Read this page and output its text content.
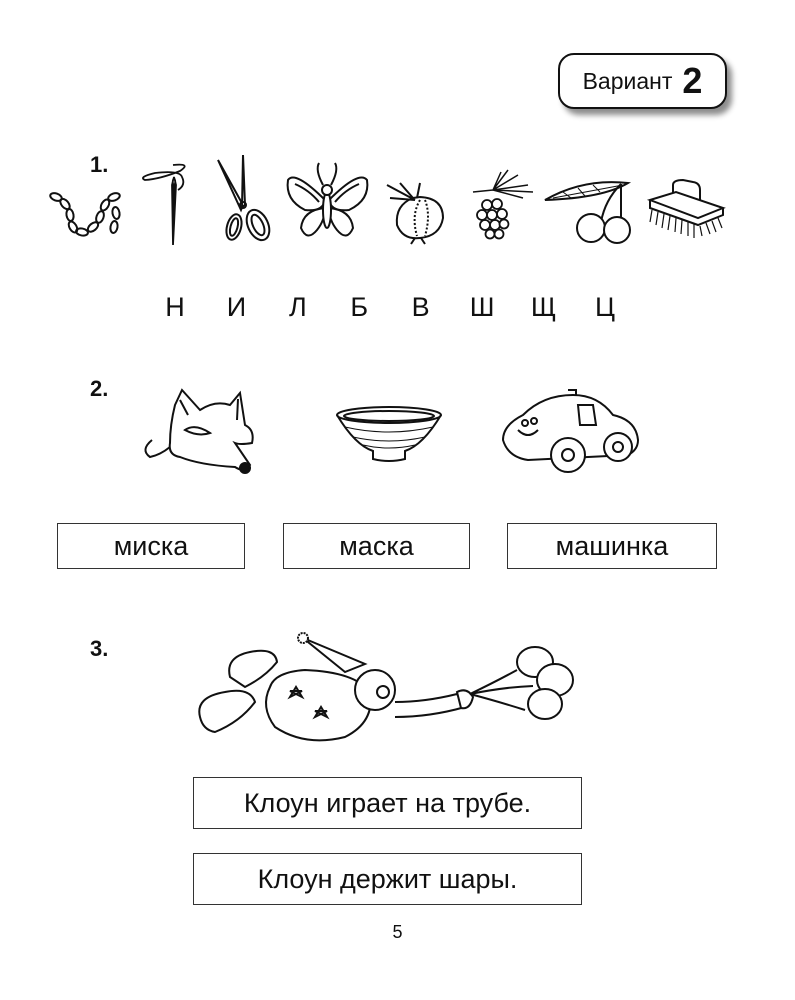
Вариант 2
1.
Н И Л Б В Ш Щ Ц
2.
миска	маска	машинка
3.
Клоун играет на трубе.
Клоун держит шары.
5
